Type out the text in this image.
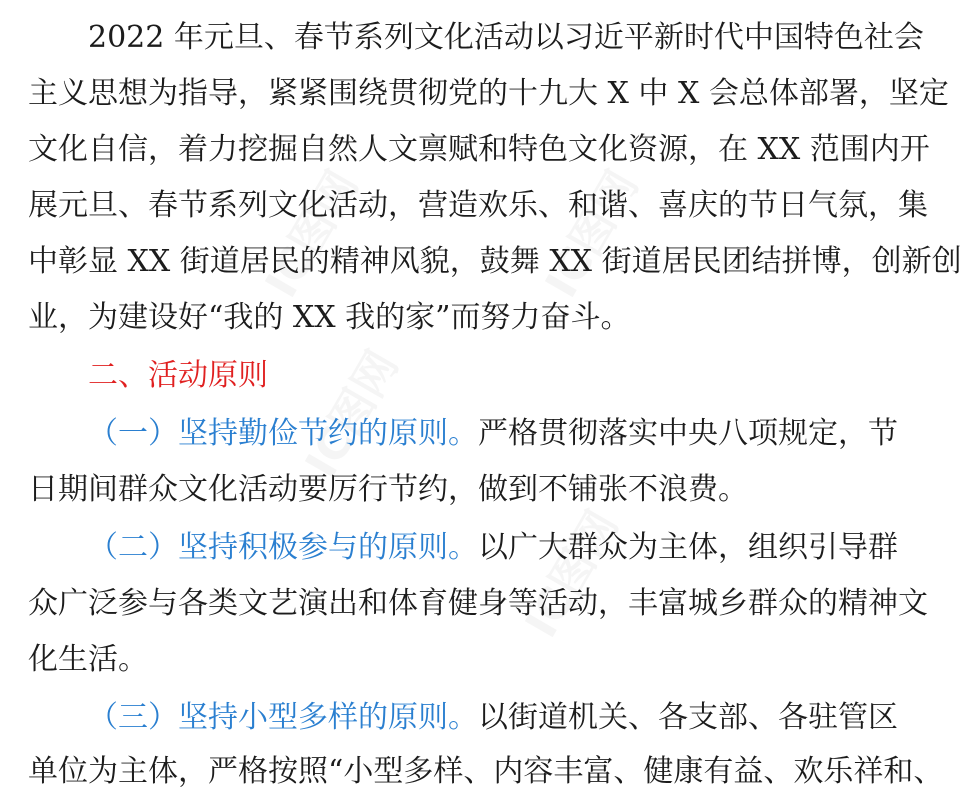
IC图网	IC图网
IC图网
IC图网
2022 年元旦、春节系列文化活动以习近平新时代中国特色社会
主义思想为指导，紧紧围绕贯彻党的十九大 X 中 X 会总体部署，坚定
文化自信，着力挖掘自然人文禀赋和特色文化资源，在 XX 范围内开
展元旦、春节系列文化活动，营造欢乐、和谐、喜庆的节日气氛，集
中彰显 XX 街道居民的精神风貌，鼓舞 XX 街道居民团结拼博，创新创
业，为建设好“我的 XX 我的家”而努力奋斗。
二、活动原则
（一）坚持勤俭节约的原则。严格贯彻落实中央八项规定，节
日期间群众文化活动要厉行节约，做到不铺张不浪费。
（二）坚持积极参与的原则。以广大群众为主体，组织引导群
众广泛参与各类文艺演出和体育健身等活动，丰富城乡群众的精神文
化生活。
（三）坚持小型多样的原则。以街道机关、各支部、各驻管区
单位为主体，严格按照“小型多样、内容丰富、健康有益、欢乐祥和、
